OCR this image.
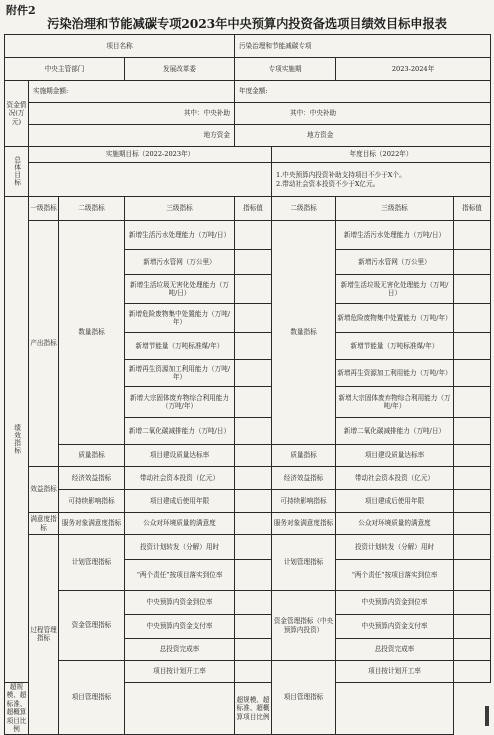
附件2
污染治理和节能减碳专项2023年中央预算内投资备选项目绩效目标申报表
项目名称				污染治理和节能减碳专项			
中央主管部门			发展改革委	专项实施期		2023-2024年	
资金情况(万元)	实施期金额:			年度金额:			
	其中：中央补助			其中：中央补助			
	地方资金			地方资金			
总体目标	实施期目标（2022-2023年）				年度目标（2022年）		

					1.中央预算内投资补助支持项目不少于X个。
2.带动社会资本投资不少于X亿元。		

绩效指标	一级指标	二级指标	三级指标	指标值	二级指标	三级指标	指标值
	产出指标	数量指标	新增生活污水处理能力（万吨/日）		数量指标	新增生活污水处理能力（万吨/日）	
			新增污水管网（万公里）			新增污水管网（万公里）	
			新增生活垃圾无害化处理能力（万吨/日）			新增生活垃圾无害化处理能力（万吨/日）	
			新增危险废物集中处置能力（万吨/年）			新增危险废物集中处置能力（万吨/年）	
			新增节能量（万吨标准煤/年）			新增节能量（万吨标准煤/年）	
			新增再生资源加工利用能力（万吨/年）			新增再生资源加工利用能力（万吨/年）	
			新增大宗固体废弃物综合利用能力（万吨/年）			新增大宗固体废弃物综合利用能力（万吨/年）	
			新增二氧化碳减排能力（万吨/日）			新增二氧化碳减排能力（万吨/日）	
		质量指标	项目建设质量达标率		质量指标	项目建设质量达标率	
	效益指标	经济效益指标	带动社会资本投资（亿元）		经济效益指标	带动社会资本投资（亿元）	
		可持续影响指标	项目建成后使用年限		可持续影响指标	项目建成后使用年限	
	满意度指标	服务对象满意度指标	公众对环境质量的满意度		服务对象满意度指标	公众对环境质量的满意度	
	过程管理指标	计划管理指标	投资计划转发（分解）用时		计划管理指标	投资计划转发（分解）用时	
			“两个责任”按项目落实到位率			“两个责任”按项目落实到位率	
		资金管理指标	中央预算内资金到位率		资金管理指标（中央预算内投资）	中央预算内资金到位率	
			中央预算内资金支付率			中央预算内资金支付率	
			总投资完成率			总投资完成率	
		项目管理指标	项目按计划开工率		项目管理指标	项目按计划开工率	
超规模、超标准、超概算项目比例				超规模、超标准、超概算项目比例			
